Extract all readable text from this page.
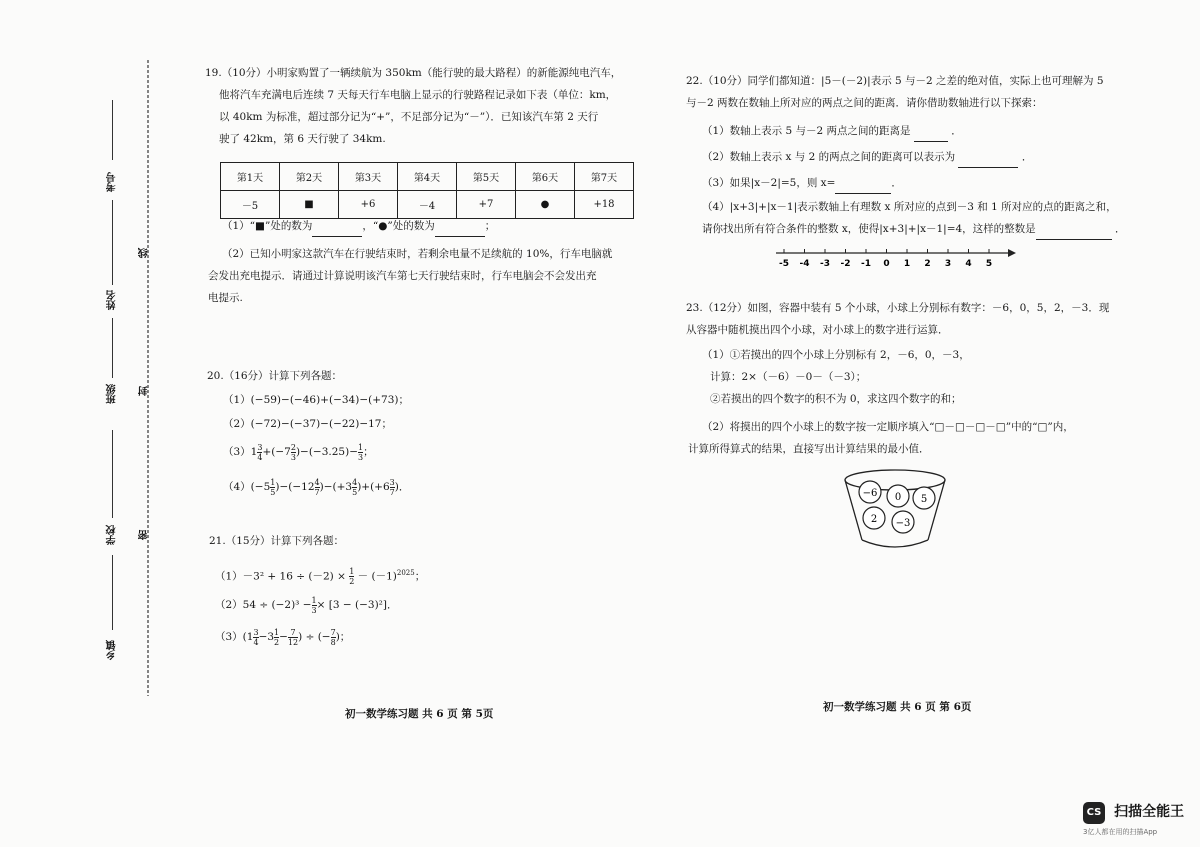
考号
姓名
班级
学校
乡镇
线
封
密
19.（10分）小明家购置了一辆续航为 350km（能行驶的最大路程）的新能源纯电汽车，
他将汽车充满电后连续 7 天每天行车电脑上显示的行驶路程记录如下表（单位：km，
以 40km 为标准，超过部分记为“+”，不足部分记为“－”）．已知该汽车第 2 天行
驶了 42km，第 6 天行驶了 34km.
第1天	第2天	第3天	第4天	第5天	第6天	第7天
－5	■	+6	－4	+7	●	+18
（1）“■”处的数为	，“●”处的数为	；
（2）已知小明家这款汽车在行驶结束时，若剩余电量不足续航的 10%，行车电脑就
会发出充电提示．请通过计算说明该汽车第七天行驶结束时，行车电脑会不会发出充
电提示.
20.（16分）计算下列各题：
（1）(−59)−(−46)+(−34)−(+73)；
（2）(−72)−(−37)−(−22)−17；
$(3)1 \frac{3}{4} +(-7 \frac{2}{3} )-(-3.25)- \frac{1}{3}$ ；
$(4)(-5 \frac{1}{5} )-(-12 \frac{4}{7} )-(+3 \frac{4}{5} )+(+6 \frac{3}{7}$ )．
21.（15分）计算下列各题：
$(1)-3^2 + 16 \div (-2) \times \frac{1}{2} - (-1)^{2025}$；
$(2)54 \div (-2)^3 - \frac{1}{3} \times [3 - (-3)^2]$．
$(3)(1 \frac{3}{4} -3 \frac{1}{2} - \frac{7}{12}$ ) ÷ (− $\frac{7}{8}$ )；
初一数学练习题 共 6 页 第 5页
22.（10分）同学们都知道：|5－(－2)|表示 5 与－2 之差的绝对值，实际上也可理解为 5
与－2 两数在数轴上所对应的两点之间的距离．请你借助数轴进行以下探索：
（1）数轴上表示 5 与－2 两点之间的距离是	．
（2）数轴上表示 x 与 2 的两点之间的距离可以表示为	．
（3）如果|x－2|=5，则 x=	．
（4）|x+3|+|x－1|表示数轴上有理数 x 所对应的点到－3 和 1 所对应的点的距离之和，
请你找出所有符合条件的整数 x，使得|x+3|+|x－1|=4，这样的整数是	．
-5 -4 -3 -2 -1 0 1 2 3 4 5
23.（12分）如图，容器中装有 5 个小球，小球上分别标有数字：－6，0，5，2，－3．现
从容器中随机摸出四个小球，对小球上的数字进行运算．
（1）①若摸出的四个小球上分别标有 2，－6，0，－3，
计算：2×（－6）－0－（－3）；
②若摸出的四个数字的积不为 0，求这四个数字的和；
（2）将摸出的四个小球上的数字按一定顺序填入“□－□－□－□”中的“□”内，
计算所得算式的结果，直接写出计算结果的最小值．
−6 0 5
2 −3
初一数学练习题 共 6 页 第 6页
CS 扫描全能王
3亿人都在用的扫描App
